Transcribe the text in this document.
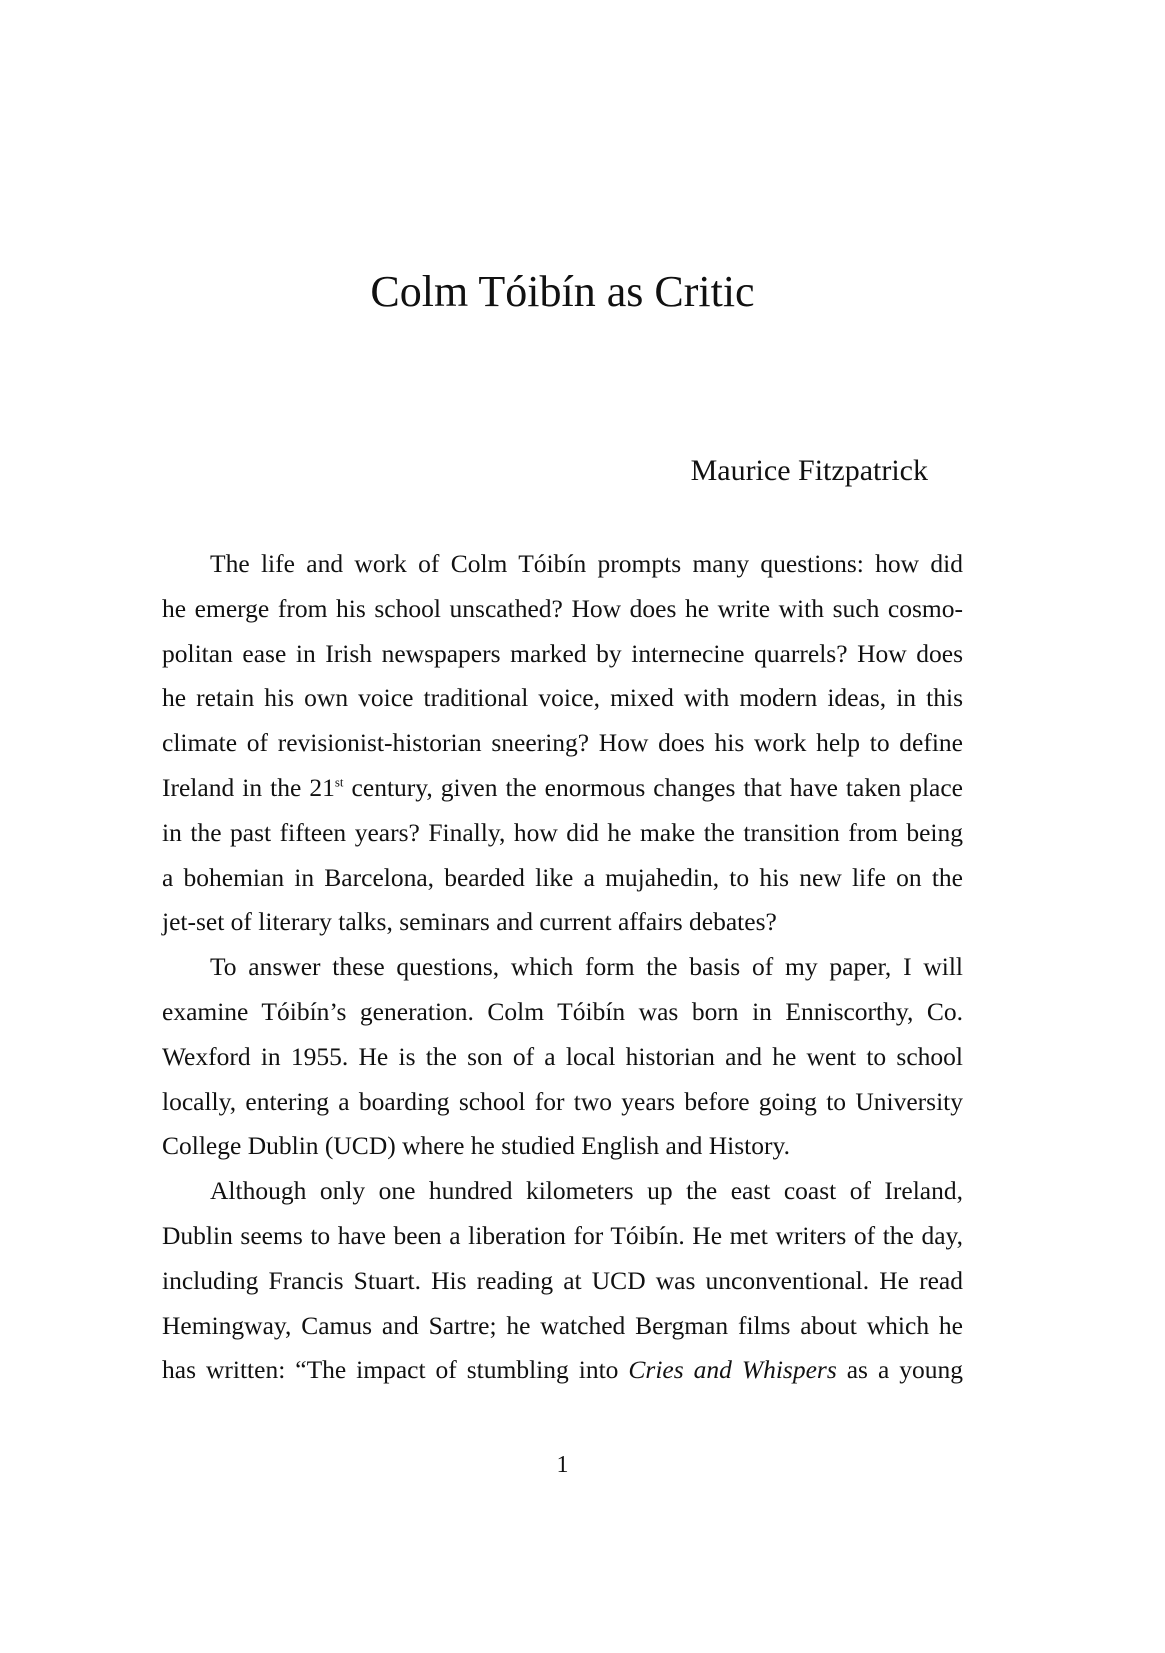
Colm Tóibín as Critic
Maurice Fitzpatrick
The life and work of Colm Tóibín prompts many questions: how did
he emerge from his school unscathed? How does he write with such cosmo-
politan ease in Irish newspapers marked by internecine quarrels? How does
he retain his own voice traditional voice, mixed with modern ideas, in this
climate of revisionist-historian sneering? How does his work help to define
Ireland in the 21st century, given the enormous changes that have taken place
in the past fifteen years? Finally, how did he make the transition from being
a bohemian in Barcelona, bearded like a mujahedin, to his new life on the
jet-set of literary talks, seminars and current affairs debates?
To answer these questions, which form the basis of my paper, I will
examine Tóibín’s generation. Colm Tóibín was born in Enniscorthy, Co.
Wexford in 1955. He is the son of a local historian and he went to school
locally, entering a boarding school for two years before going to University
College Dublin (UCD) where he studied English and History.
Although only one hundred kilometers up the east coast of Ireland,
Dublin seems to have been a liberation for Tóibín. He met writers of the day,
including Francis Stuart. His reading at UCD was unconventional. He read
Hemingway, Camus and Sartre; he watched Bergman films about which he
has written: “The impact of stumbling into Cries and Whispers as a young
1
